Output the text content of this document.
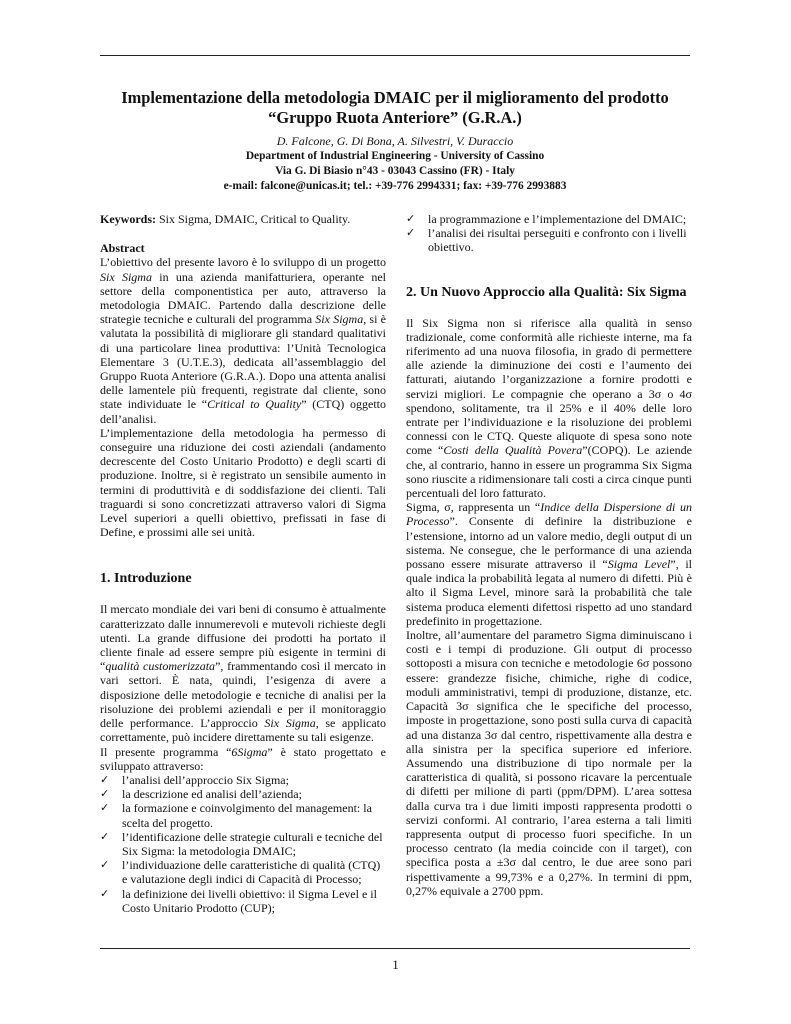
Implementazione della metodologia DMAIC per il miglioramento del prodotto
“Gruppo Ruota Anteriore” (G.R.A.)
D. Falcone, G. Di Bona, A. Silvestri, V. Duraccio
Department of Industrial Engineering - University of Cassino
Via G. Di Biasio n°43 - 03043 Cassino (FR) - Italy
e-mail: falcone@unicas.it; tel.: +39-776 2994331; fax: +39-776 2993883

Keywords: Six Sigma, DMAIC, Critical to Quality.

Abstract

L’obiettivo del presente lavoro è lo sviluppo di un progetto Six Sigma in una azienda manifatturiera, operante nel settore della componentistica per auto, attraverso la metodologia DMAIC. Partendo dalla descrizione delle strategie tecniche e culturali del programma Six Sigma, si è valutata la possibilità di migliorare gli standard qualitativi di una particolare linea produttiva: l’Unità Tecnologica Elementare 3 (U.T.E.3), dedicata all’assemblaggio del Gruppo Ruota Anteriore (G.R.A.). Dopo una attenta analisi delle lamentele più frequenti, registrate dal cliente, sono state individuate le “Critical to Quality” (CTQ) oggetto dell’analisi.

L’implementazione della metodologia ha permesso di conseguire una riduzione dei costi aziendali (andamento decrescente del Costo Unitario Prodotto) e degli scarti di produzione. Inoltre, si è registrato un sensibile aumento in termini di produttività e di soddisfazione dei clienti. Tali traguardi si sono concretizzati attraverso valori di Sigma Level superiori a quelli obiettivo, prefissati in fase di Define, e prossimi alle sei unità.

1. Introduzione

Il mercato mondiale dei vari beni di consumo è attualmente caratterizzato dalle innumerevoli e mutevoli richieste degli utenti. La grande diffusione dei prodotti ha portato il cliente finale ad essere sempre più esigente in termini di “qualità customerizzata”, frammentando così il mercato in vari settori. È nata, quindi, l’esigenza di avere a disposizione delle metodologie e tecniche di analisi per la risoluzione dei problemi aziendali e per il monitoraggio delle performance. L’approccio Six Sigma, se applicato correttamente, può incidere direttamente su tali esigenze.

Il presente programma “6Sigma” è stato progettato e sviluppato attraverso:

✓ l’analisi dell’approccio Six Sigma;
✓ la descrizione ed analisi dell’azienda;
✓ la formazione e coinvolgimento del management: la scelta del progetto.
✓ l’identificazione delle strategie culturali e tecniche del Six Sigma: la metodologia DMAIC;
✓ l’individuazione delle caratteristiche di qualità (CTQ) e valutazione degli indici di Capacità di Processo;
✓ la definizione dei livelli obiettivo: il Sigma Level e il Costo Unitario Prodotto (CUP);
✓ la programmazione e l’implementazione del DMAIC;
✓ l’analisi dei risultai perseguiti e confronto con i livelli obiettivo.
2. Un Nuovo Approccio alla Qualità: Six Sigma

Il Six Sigma non si riferisce alla qualità in senso tradizionale, come conformità alle richieste interne, ma fa riferimento ad una nuova filosofia, in grado di permettere alle aziende la diminuzione dei costi e l’aumento dei fatturati, aiutando l’organizzazione a fornire prodotti e servizi migliori. Le compagnie che operano a 3σ o 4σ spendono, solitamente, tra il 25% e il 40% delle loro entrate per l’individuazione e la risoluzione dei problemi connessi con le CTQ. Queste aliquote di spesa sono note come “Costi della Qualità Povera”(COPQ). Le aziende che, al contrario, hanno in essere un programma Six Sigma sono riuscite a ridimensionare tali costi a circa cinque punti percentuali del loro fatturato.

Sigma, σ, rappresenta un “Indice della Dispersione di un Processo”. Consente di definire la distribuzione e l’estensione, intorno ad un valore medio, degli output di un sistema. Ne consegue, che le performance di una azienda possano essere misurate attraverso il “Sigma Level”, il quale indica la probabilità legata al numero di difetti. Più è alto il Sigma Level, minore sarà la probabilità che tale sistema produca elementi difettosi rispetto ad uno standard predefinito in progettazione.

Inoltre, all’aumentare del parametro Sigma diminuiscano i costi e i tempi di produzione. Gli output di processo sottoposti a misura con tecniche e metodologie 6σ possono essere: grandezze fisiche, chimiche, righe di codice, moduli amministrativi, tempi di produzione, distanze, etc. Capacità 3σ significa che le specifiche del processo, imposte in progettazione, sono posti sulla curva di capacità ad una distanza 3σ dal centro, rispettivamente alla destra e alla sinistra per la specifica superiore ed inferiore. Assumendo una distribuzione di tipo normale per la caratteristica di qualità, si possono ricavare la percentuale di difetti per milione di parti (ppm/DPM). L’area sottesa dalla curva tra i due limiti imposti rappresenta prodotti o servizi conformi. Al contrario, l’area esterna a tali limiti rappresenta output di processo fuori specifiche. In un processo centrato (la media coincide con il target), con specifica posta a ±3σ dal centro, le due aree sono pari rispettivamente a 99,73% e a 0,27%. In termini di ppm, 0,27% equivale a 2700 ppm.

1
